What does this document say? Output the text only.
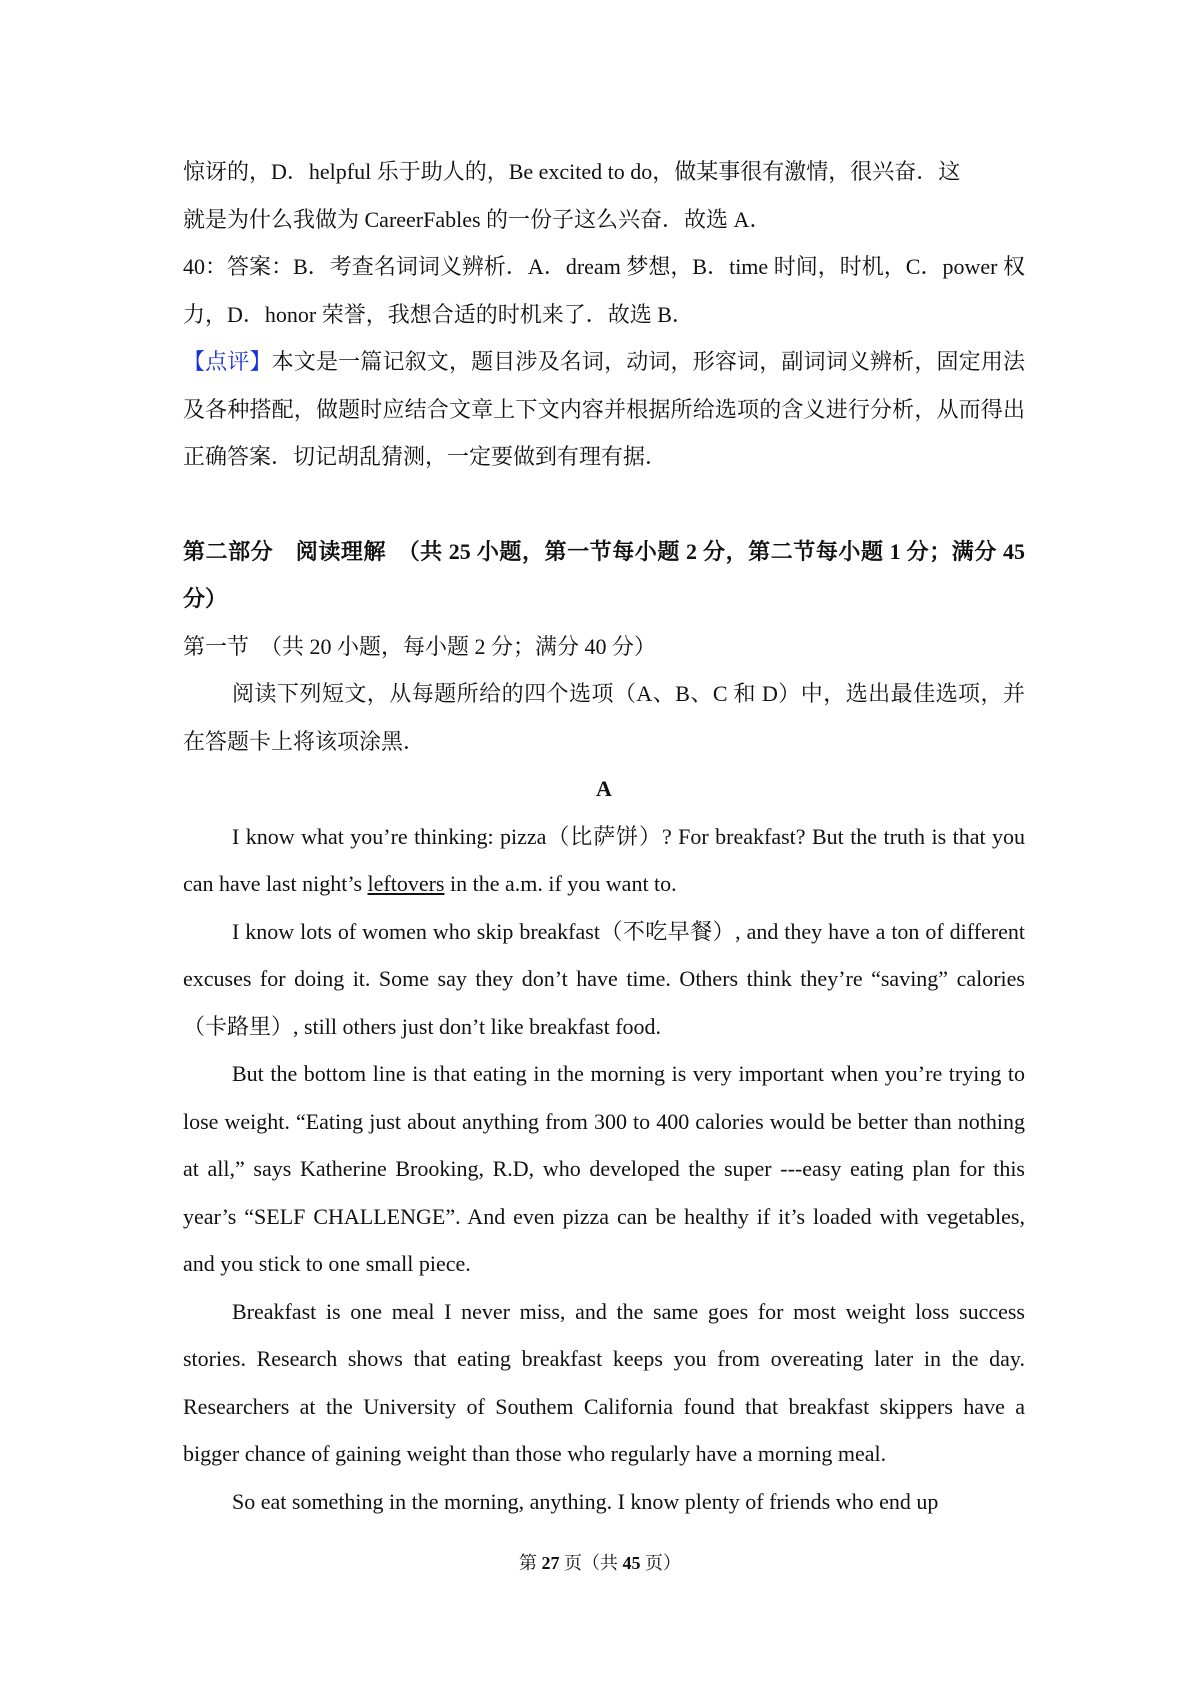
惊讶的，D．helpful 乐于助人的，Be excited to do，做某事很有激情，很兴奋．这

就是为什么我做为 CareerFables 的一份子这么兴奋．故选 A．

40：答案：B．考查名词词义辨析．A．dream 梦想，B．time 时间，时机，C．power 权力，D．honor 荣誉，我想合适的时机来了．故选 B．

【点评】本文是一篇记叙文，题目涉及名词，动词，形容词，副词词义辨析，固定用法及各种搭配，做题时应结合文章上下文内容并根据所给选项的含义进行分析，从而得出正确答案．切记胡乱猜测，一定要做到有理有据．

第二部分　阅读理解　（共 25 小题，第一节每小题 2 分，第二节每小题 1 分；满分 45 分）

第一节　（共 20 小题，每小题 2 分；满分 40 分）

阅读下列短文，从每题所给的四个选项（A、B、C 和 D）中，选出最佳选项，并在答题卡上将该项涂黑．

A

I know what you’re thinking: pizza（比萨饼）? For breakfast? But the truth is that you can have last night’s leftovers in the a.m. if you want to.

I know lots of women who skip breakfast（不吃早餐）, and they have a ton of different excuses for doing it. Some say they don’t have time. Others think they’re “saving” calories（卡路里）, still others just don’t like breakfast food.

But the bottom line is that eating in the morning is very important when you’re trying to lose weight. “Eating just about anything from 300 to 400 calories would be better than nothing at all,” says Katherine Brooking, R.D, who developed the super ---easy eating plan for this year’s “SELF CHALLENGE”. And even pizza can be healthy if it’s loaded with vegetables, and you stick to one small piece.

Breakfast is one meal I never miss, and the same goes for most weight loss success stories. Research shows that eating breakfast keeps you from overeating later in the day. Researchers at the University of Southem California found that breakfast skippers have a bigger chance of gaining weight than those who regularly have a morning meal.

So eat something in the morning, anything. I know plenty of friends who end up

第 27 页（共 45 页）
